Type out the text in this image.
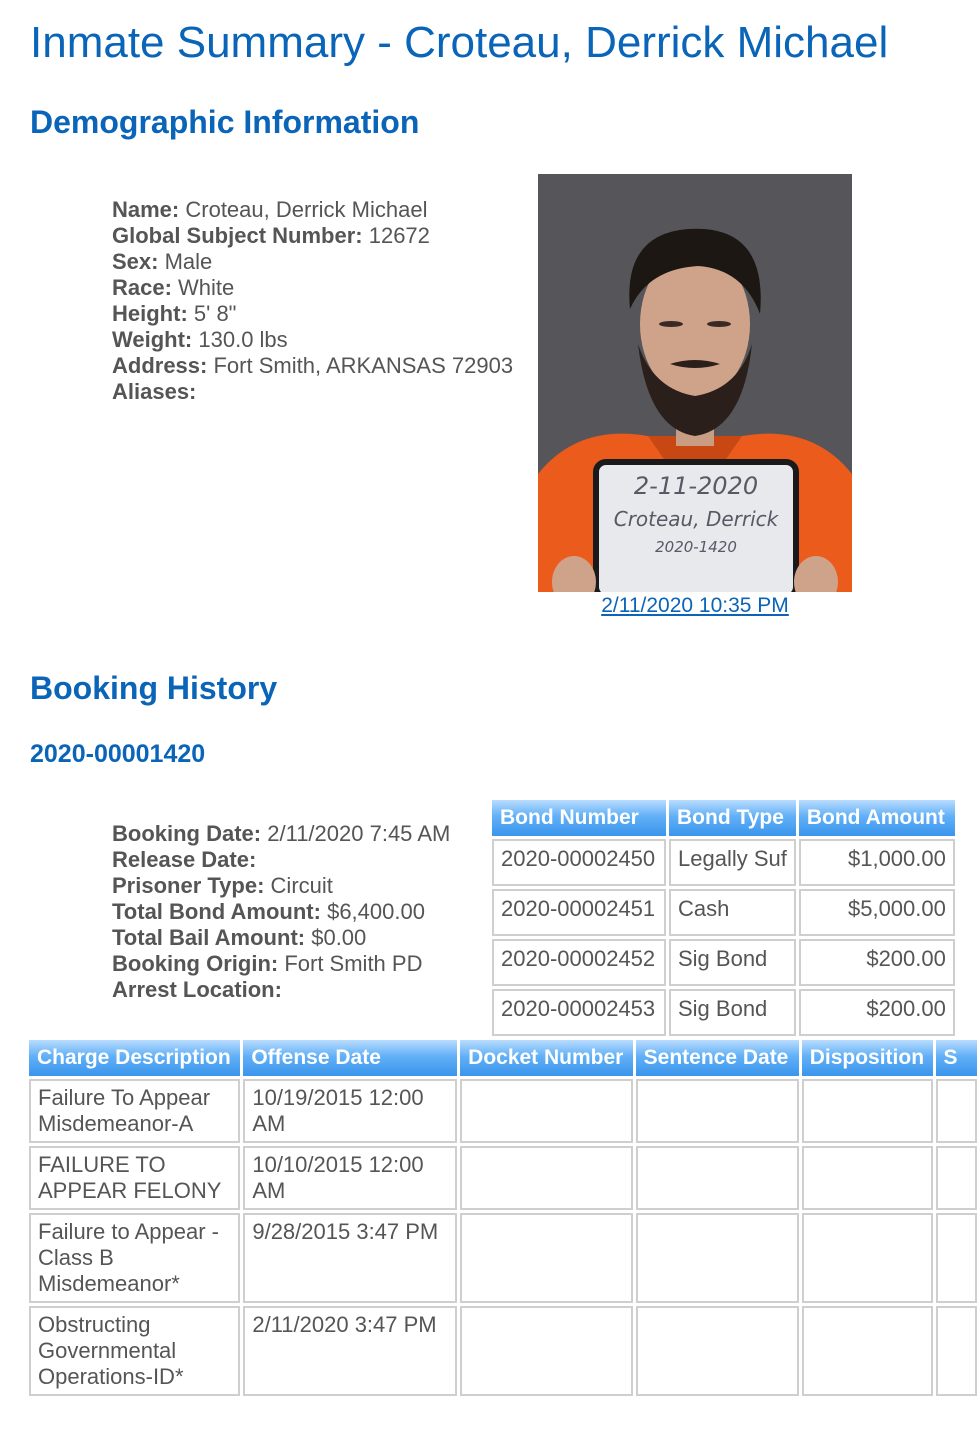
Inmate Summary - Croteau, Derrick Michael
Demographic Information
Name: Croteau, Derrick Michael
Global Subject Number: 12672
Sex: Male
Race: White
Height: 5' 8"
Weight: 130.0 lbs
Address: Fort Smith, ARKANSAS 72903
Aliases:
2-11-2020
Croteau, Derrick
2020-1420
2/11/2020 10:35 PM
Booking History
2020-00001420
Booking Date: 2/11/2020 7:45 AM
Release Date:
Prisoner Type: Circuit
Total Bond Amount: $6,400.00
Total Bail Amount: $0.00
Booking Origin: Fort Smith PD
Arrest Location:
Bond Number	Bond Type	Bond Amount
2020-00002450	Legally Suf	$1,000.00
2020-00002451	Cash	$5,000.00
2020-00002452	Sig Bond	$200.00
2020-00002453	Sig Bond	$200.00
Charge Description	Offense Date	Docket Number	Sentence Date	Disposition	S
Failure To Appear Misdemeanor-A	10/19/2015 12:00 AM				
FAILURE TO APPEAR FELONY	10/10/2015 12:00 AM				
Failure to Appear - Class B Misdemeanor*	9/28/2015 3:47 PM				
Obstructing Governmental Operations-ID*	2/11/2020 3:47 PM				
